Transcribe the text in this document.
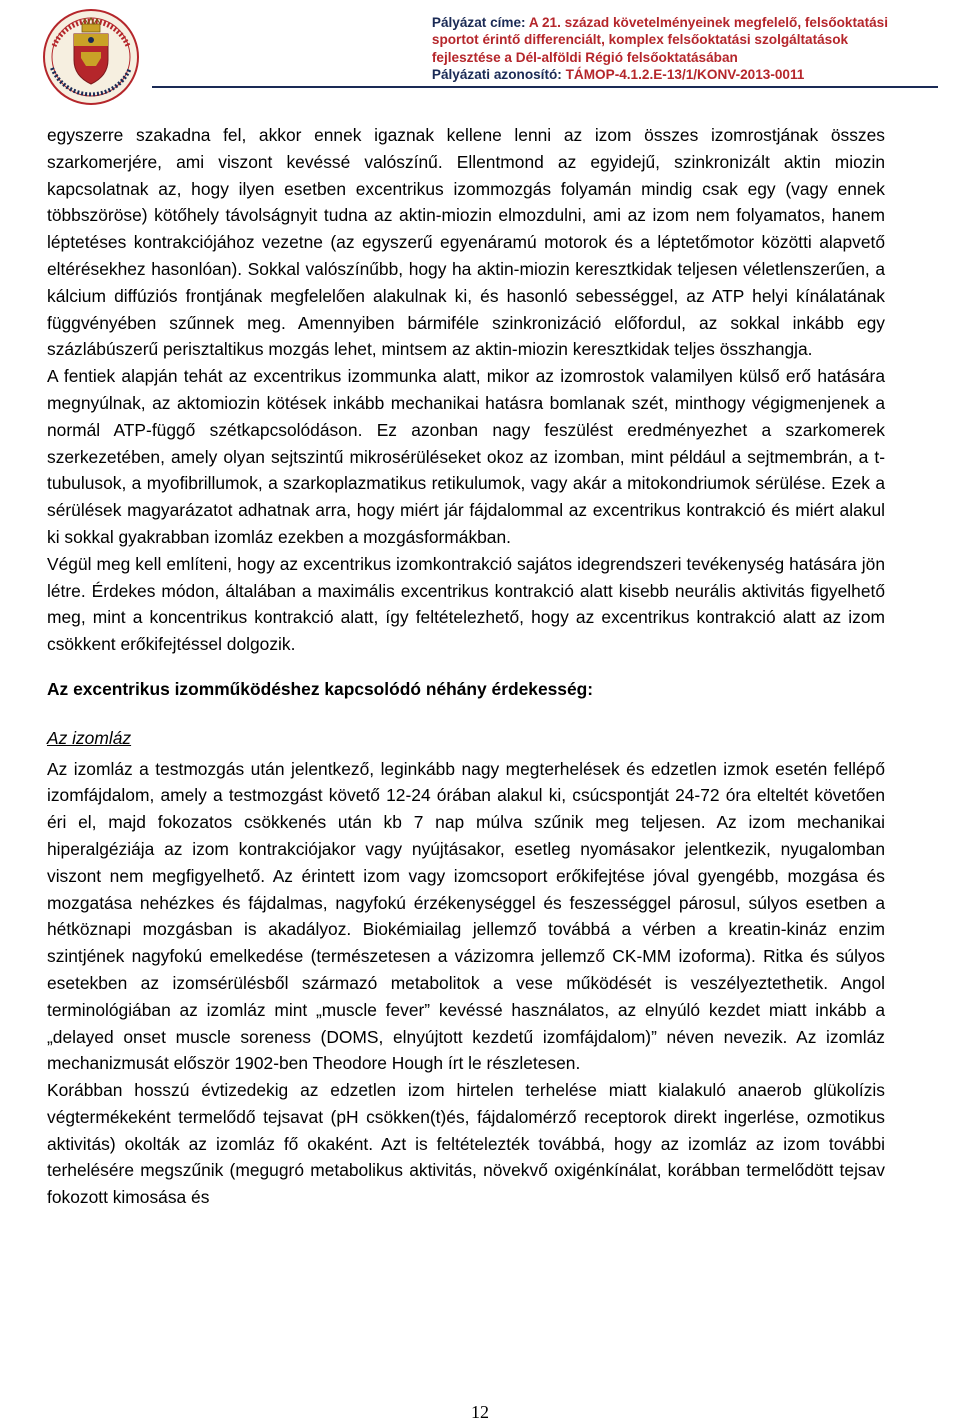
Pályázat címe: A 21. század követelményeinek megfelelő, felsőoktatási
sportot érintő differenciált, komplex felsőoktatási szolgáltatások
fejlesztése a Dél-alföldi Régió felsőoktatásában
Pályázati azonosító: TÁMOP-4.1.2.E-13/1/KONV-2013-0011

egyszerre szakadna fel, akkor ennek igaznak kellene lenni az izom összes izomrostjának összes szarkomerjére, ami viszont kevéssé valószínű. Ellentmond az egyidejű, szinkronizált aktin miozin kapcsolatnak az, hogy ilyen esetben excentrikus izommozgás folyamán mindig csak egy (vagy ennek többszöröse) kötőhely távolságnyit tudna az aktin-miozin elmozdulni, ami az izom nem folyamatos, hanem léptetéses kontrakciójához vezetne (az egyszerű egyenáramú motorok és a léptetőmotor közötti alapvető eltérésekhez hasonlóan). Sokkal valószínűbb, hogy ha aktin-miozin keresztkidak teljesen véletlenszerűen, a kálcium diffúziós frontjának megfelelően alakulnak ki, és hasonló sebességgel, az ATP helyi kínálatának függvényében szűnnek meg. Amennyiben bármiféle szinkronizáció előfordul, az sokkal inkább egy százlábúszerű perisztaltikus mozgás lehet, mintsem az aktin-miozin keresztkidak teljes összhangja.

A fentiek alapján tehát az excentrikus izommunka alatt, mikor az izomrostok valamilyen külső erő hatására megnyúlnak, az aktomiozin kötések inkább mechanikai hatásra bomlanak szét, minthogy végigmenjenek a normál ATP-függő szétkapcsolódáson. Ez azonban nagy feszülést eredményezhet a szarkomerek szerkezetében, amely olyan sejtszintű mikrosérüléseket okoz az izomban, mint például a sejtmembrán, a t-tubulusok, a myofibrillumok, a szarkoplazmatikus retikulumok, vagy akár a mitokondriumok sérülése. Ezek a sérülések magyarázatot adhatnak arra, hogy miért jár fájdalommal az excentrikus kontrakció és miért alakul ki sokkal gyakrabban izomláz ezekben a mozgásformákban.

Végül meg kell említeni, hogy az excentrikus izomkontrakció sajátos idegrendszeri tevékenység hatására jön létre. Érdekes módon, általában a maximális excentrikus kontrakció alatt kisebb neurális aktivitás figyelhető meg, mint a koncentrikus kontrakció alatt, így feltételezhető, hogy az excentrikus kontrakció alatt az izom csökkent erőkifejtéssel dolgozik.

Az excentrikus izomműködéshez kapcsolódó néhány érdekesség:

Az izomláz

Az izomláz a testmozgás után jelentkező, leginkább nagy megterhelések és edzetlen izmok esetén fellépő izomfájdalom, amely a testmozgást követő 12-24 órában alakul ki, csúcspontját 24-72 óra elteltét követően éri el, majd fokozatos csökkenés után kb 7 nap múlva szűnik meg teljesen. Az izom mechanikai hiperalgéziája az izom kontrakciójakor vagy nyújtásakor, esetleg nyomásakor jelentkezik, nyugalomban viszont nem megfigyelhető. Az érintett izom vagy izomcsoport erőkifejtése jóval gyengébb, mozgása és mozgatása nehézkes és fájdalmas, nagyfokú érzékenységgel és feszességgel párosul, súlyos esetben a hétköznapi mozgásban is akadályoz. Biokémiailag jellemző továbbá a vérben a kreatin-kináz enzim szintjének nagyfokú emelkedése (természetesen a vázizomra jellemző CK-MM izoforma). Ritka és súlyos esetekben az izomsérülésből származó metabolitok a vese működését is veszélyeztethetik. Angol terminológiában az izomláz mint „muscle fever” kevéssé használatos, az elnyúló kezdet miatt inkább a „delayed onset muscle soreness (DOMS, elnyújtott kezdetű izomfájdalom)” néven nevezik. Az izomláz mechanizmusát először 1902-ben Theodore Hough írt le részletesen.

Korábban hosszú évtizedekig az edzetlen izom hirtelen terhelése miatt kialakuló anaerob glükolízis végtermékeként termelődő tejsavat (pH csökken(t)és, fájdalomérző receptorok direkt ingerlése, ozmotikus aktivitás) okolták az izomláz fő okaként. Azt is feltételezték továbbá, hogy az izomláz az izom további terhelésére megszűnik (megugró metabolikus aktivitás, növekvő oxigénkínálat, korábban termelődött tejsav fokozott kimosása és

12
